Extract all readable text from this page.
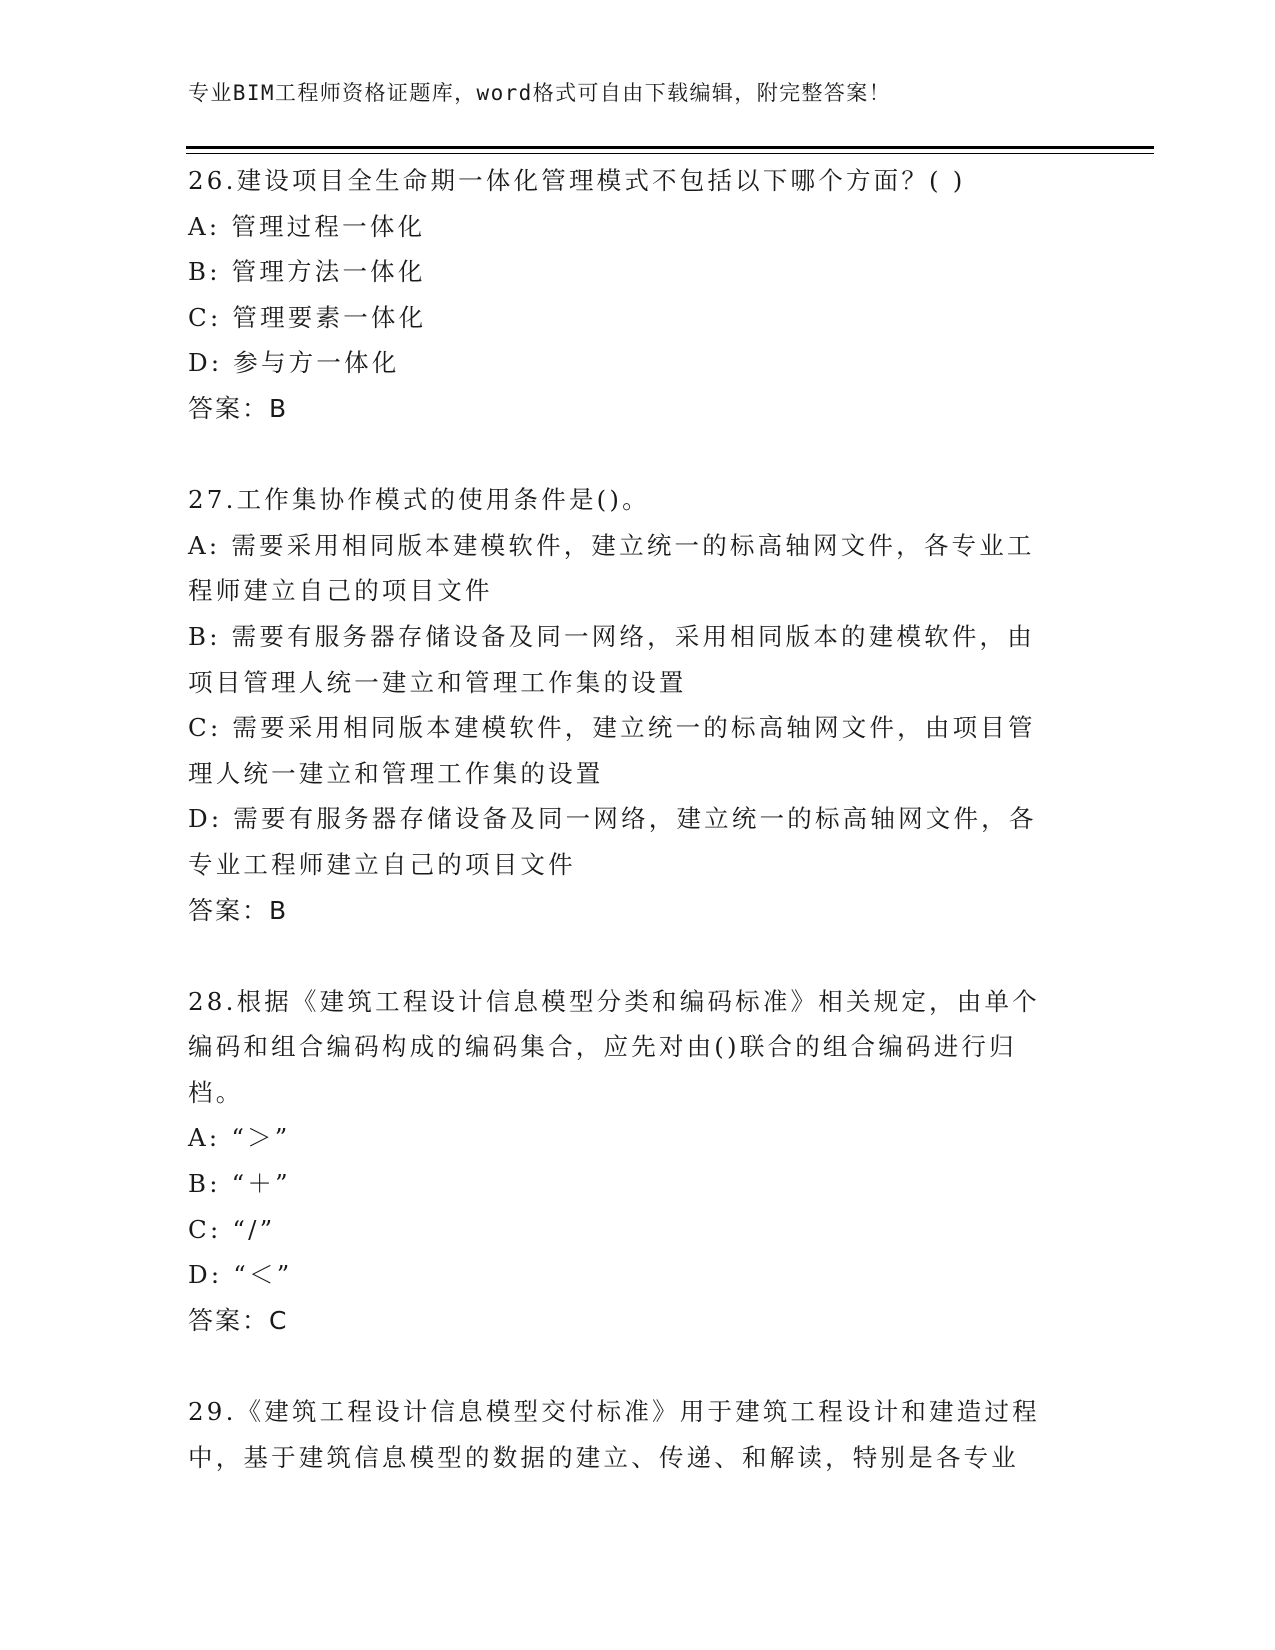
专业BIM工程师资格证题库，word格式可自由下载编辑，附完整答案！
26.建设项目全生命期一体化管理模式不包括以下哪个方面？( )
A: 管理过程一体化
B: 管理方法一体化
C: 管理要素一体化
D: 参与方一体化
答案：B
27.工作集协作模式的使用条件是()。
A: 需要采用相同版本建模软件，建立统一的标高轴网文件，各专业工
程师建立自己的项目文件
B: 需要有服务器存储设备及同一网络，采用相同版本的建模软件，由
项目管理人统一建立和管理工作集的设置
C: 需要采用相同版本建模软件，建立统一的标高轴网文件，由项目管
理人统一建立和管理工作集的设置
D: 需要有服务器存储设备及同一网络，建立统一的标高轴网文件，各
专业工程师建立自己的项目文件
答案：B
28.根据《建筑工程设计信息模型分类和编码标准》相关规定，由单个
编码和组合编码构成的编码集合，应先对由()联合的组合编码进行归
档。
A: “＞”
B: “＋”
C: “/”
D: “＜”
答案：C
29.《建筑工程设计信息模型交付标准》用于建筑工程设计和建造过程
中，基于建筑信息模型的数据的建立、传递、和解读，特别是各专业
